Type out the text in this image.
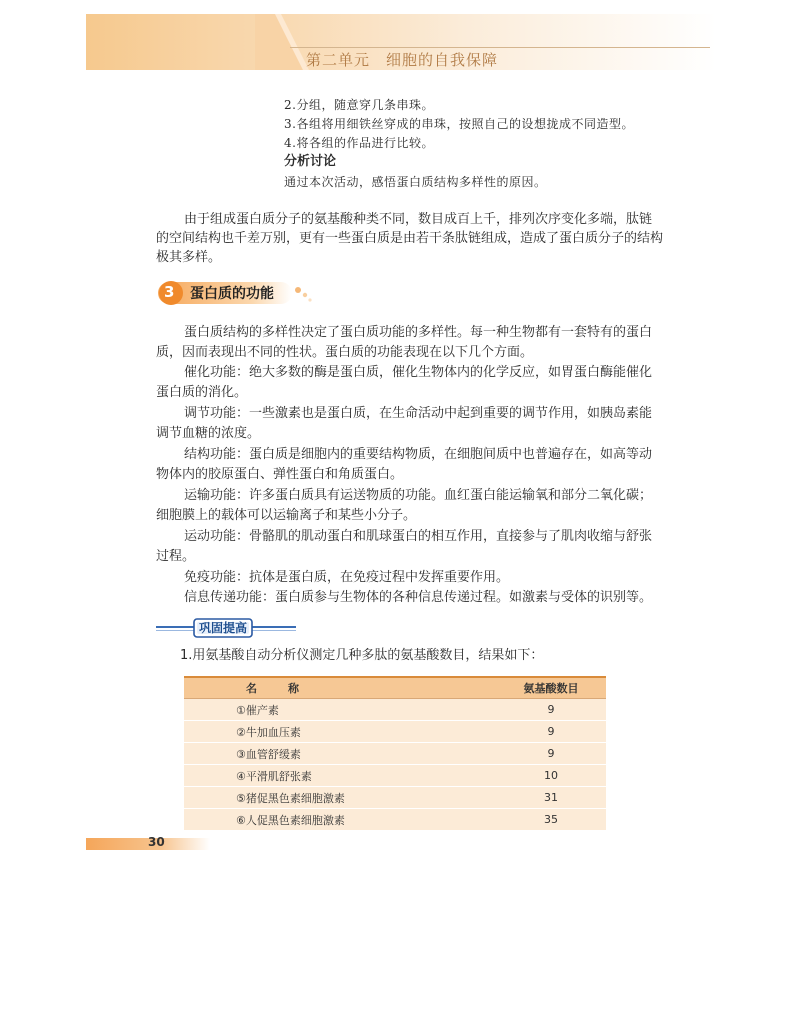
第二单元　细胞的自我保障
2.分组，随意穿几条串珠。
3.各组将用细铁丝穿成的串珠，按照自己的设想拢成不同造型。
4.将各组的作品进行比较。
分析讨论
通过本次活动，感悟蛋白质结构多样性的原因。
由于组成蛋白质分子的氨基酸种类不同，数目成百上千，排列次序变化多端，肽链
的空间结构也千差万别，更有一些蛋白质是由若干条肽链组成，造成了蛋白质分子的结构
极其多样。
3 蛋白质的功能
蛋白质结构的多样性决定了蛋白质功能的多样性。每一种生物都有一套特有的蛋白
质，因而表现出不同的性状。蛋白质的功能表现在以下几个方面。
催化功能：绝大多数的酶是蛋白质，催化生物体内的化学反应，如胃蛋白酶能催化
蛋白质的消化。
调节功能：一些激素也是蛋白质，在生命活动中起到重要的调节作用，如胰岛素能
调节血糖的浓度。
结构功能：蛋白质是细胞内的重要结构物质，在细胞间质中也普遍存在，如高等动
物体内的胶原蛋白、弹性蛋白和角质蛋白。
运输功能：许多蛋白质具有运送物质的功能。血红蛋白能运输氧和部分二氧化碳；
细胞膜上的载体可以运输离子和某些小分子。
运动功能：骨骼肌的肌动蛋白和肌球蛋白的相互作用，直接参与了肌肉收缩与舒张
过程。
免疫功能：抗体是蛋白质，在免疫过程中发挥重要作用。
信息传递功能：蛋白质参与生物体的各种信息传递过程。如激素与受体的识别等。
巩固提高
1.用氨基酸自动分析仪测定几种多肽的氨基酸数目，结果如下：
名　称	氨基酸数目
①催产素	9
②牛加血压素	9
③血管舒缓素	9
④平滑肌舒张素	10
⑤猪促黑色素细胞激素	31
⑥人促黑色素细胞激素	35
30
